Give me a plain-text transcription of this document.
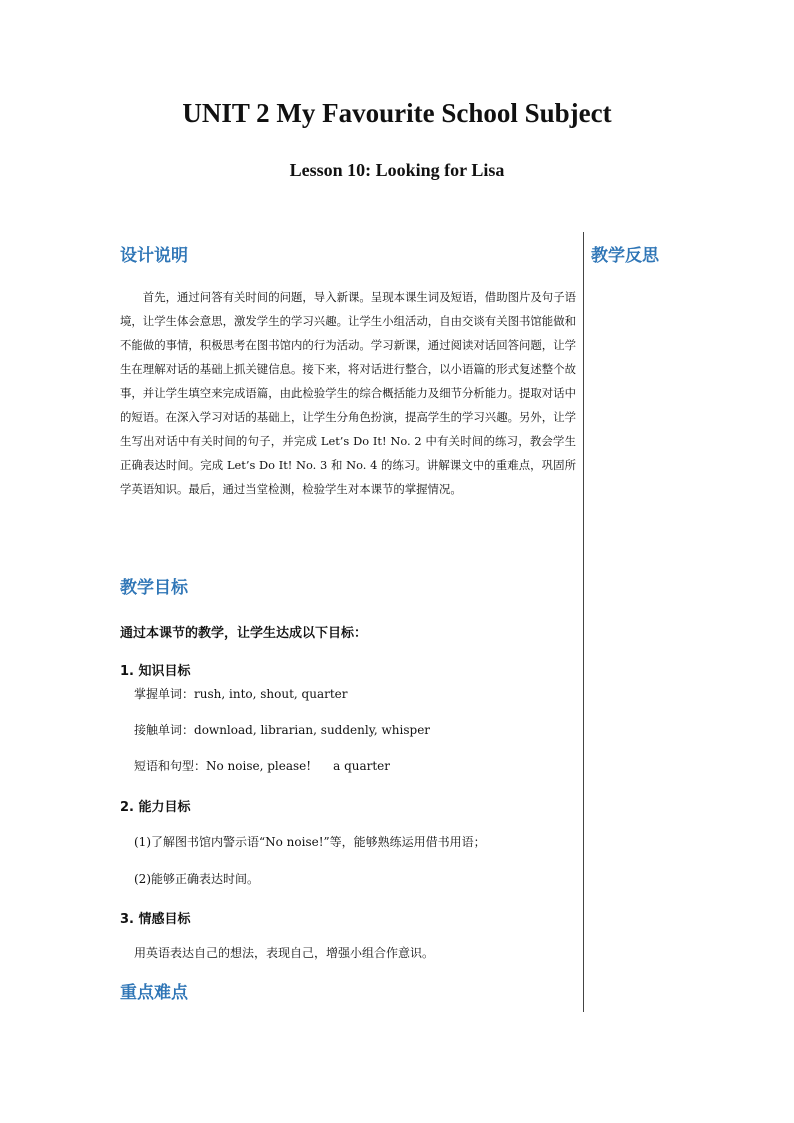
UNIT 2 My Favourite School Subject
Lesson 10: Looking for Lisa
教学反思
设计说明

首先，通过问答有关时间的问题，导入新课。呈现本课生词及短语，借助图片及句子语境，让学生体会意思，激发学生的学习兴趣。让学生小组活动，自由交谈有关图书馆能做和不能做的事情，积极思考在图书馆内的行为活动。学习新课，通过阅读对话回答问题，让学生在理解对话的基础上抓关键信息。接下来，将对话进行整合，以小语篇的形式复述整个故事，并让学生填空来完成语篇，由此检验学生的综合概括能力及细节分析能力。提取对话中的短语。在深入学习对话的基础上，让学生分角色扮演，提高学生的学习兴趣。另外，让学生写出对话中有关时间的句子，并完成 Let’s Do It! No. 2 中有关时间的练习，教会学生正确表达时间。完成 Let’s Do It! No. 3 和 No. 4 的练习。讲解课文中的重难点，巩固所学英语知识。最后，通过当堂检测，检验学生对本课节的掌握情况。

教学目标

通过本课节的教学，让学生达成以下目标：

1. 知识目标

掌握单词：rush, into, shout, quarter

接触单词：download, librarian, suddenly, whisper

短语和句型：No noise, please! a quarter

2. 能力目标

(1)了解图书馆内警示语“No noise!”等，能够熟练运用借书用语；

(2)能够正确表达时间。

3. 情感目标

用英语表达自己的想法，表现自己，增强小组合作意识。

重点难点
